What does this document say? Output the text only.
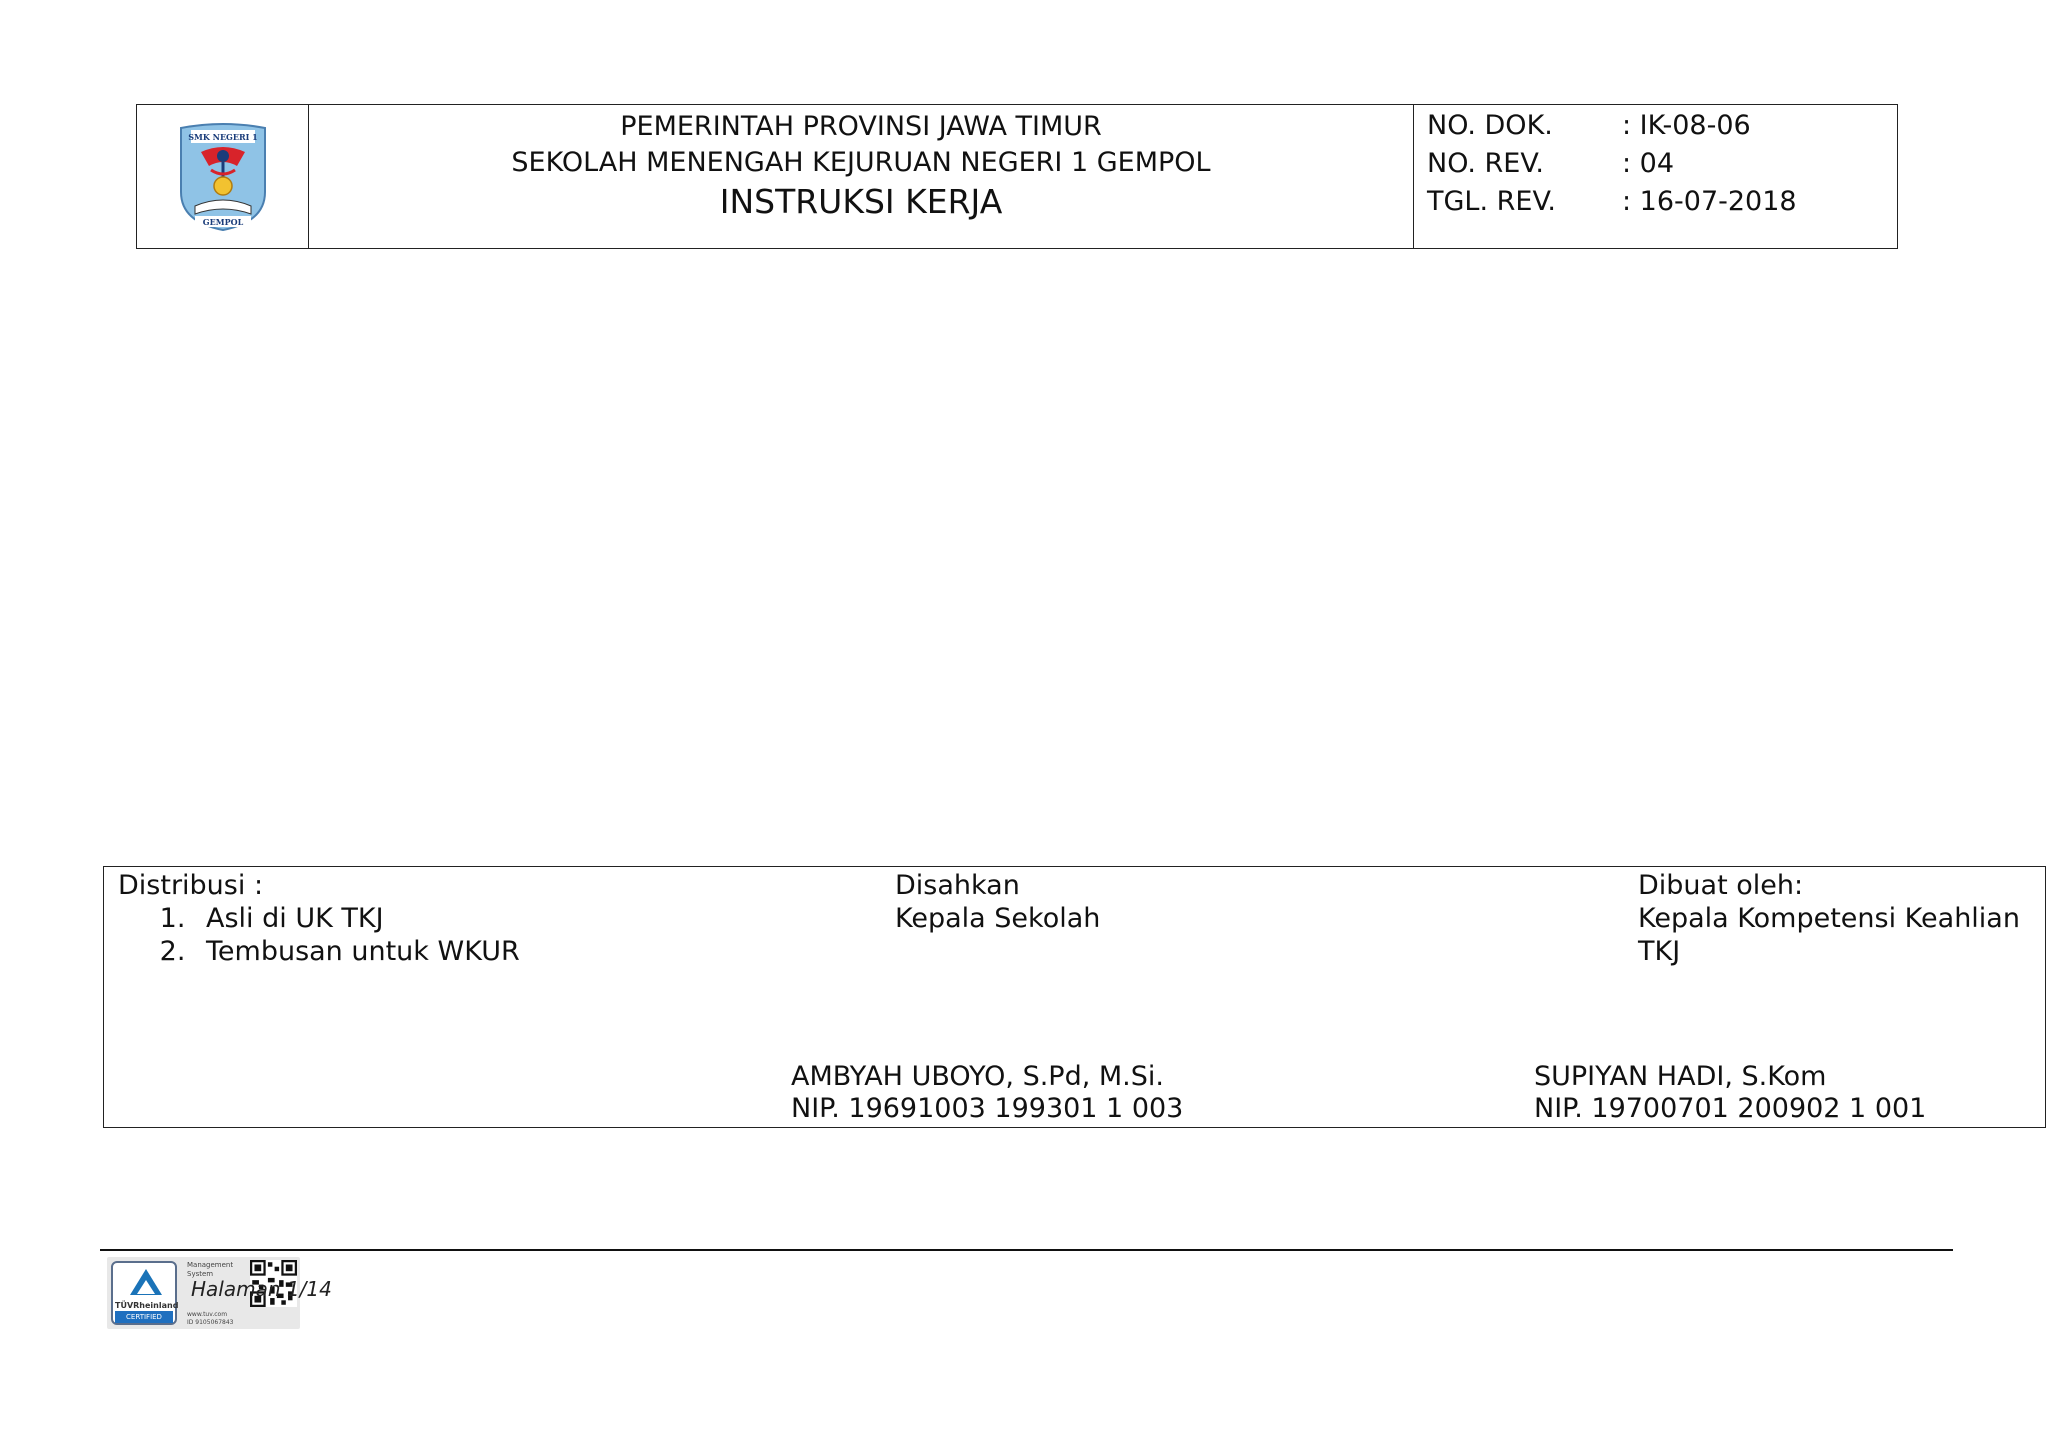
SMK NEGERI 1
GEMPOL
PEMERINTAH PROVINSI JAWA TIMUR
SEKOLAH MENENGAH KEJURUAN NEGERI 1 GEMPOL
INSTRUKSI KERJA
NO. DOK.	: IK-08-06
NO. REV.	: 04
TGL. REV.	: 16-07-2018
Distribusi :
1. Asli di UK TKJ
2. Tembusan untuk WKUR
Disahkan
Kepala Sekolah
Dibuat oleh:
Kepala Kompetensi Keahlian TKJ
AMBYAH UBOYO, S.Pd, M.Si.
NIP. 19691003 199301 1 003
SUPIYAN HADI, S.Kom
NIP. 19700701 200902 1 001
TÜVRheinland
CERTIFIED
Management
System
www.tuv.com
ID 9105067843
Halaman 1/14
